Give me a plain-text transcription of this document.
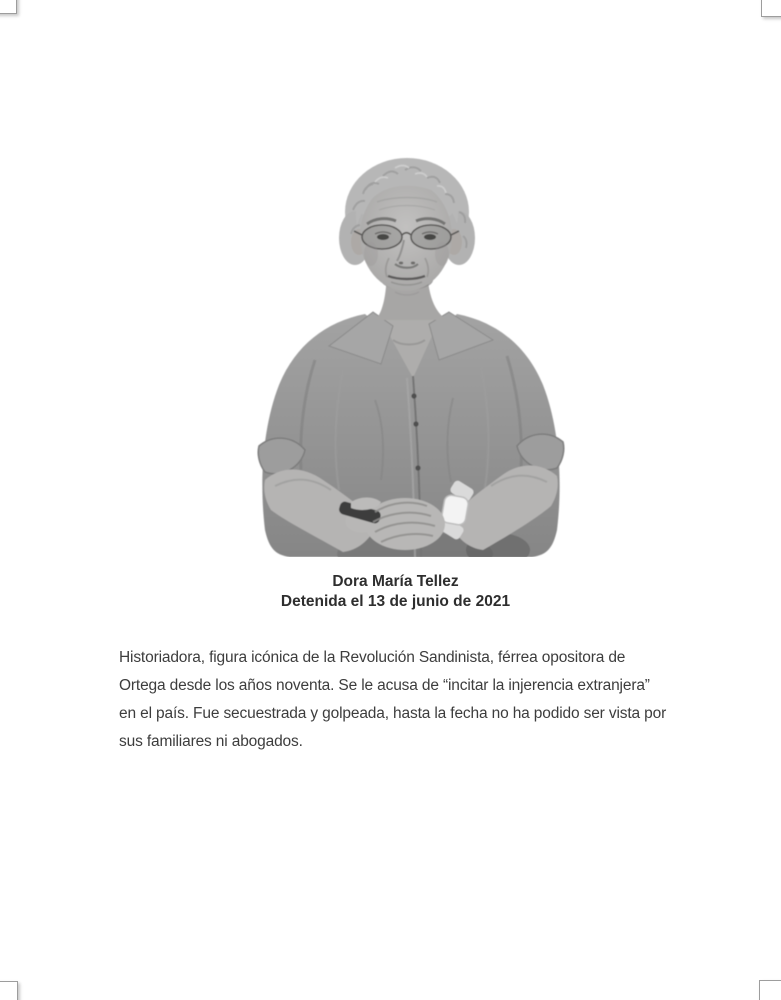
Dora María Tellez
Detenida el 13 de junio de 2021
Historiadora, figura icónica de la Revolución Sandinista, férrea opositora de
Ortega desde los años noventa. Se le acusa de “incitar la injerencia extranjera”
en el país. Fue secuestrada y golpeada, hasta la fecha no ha podido ser vista por
sus familiares ni abogados.
